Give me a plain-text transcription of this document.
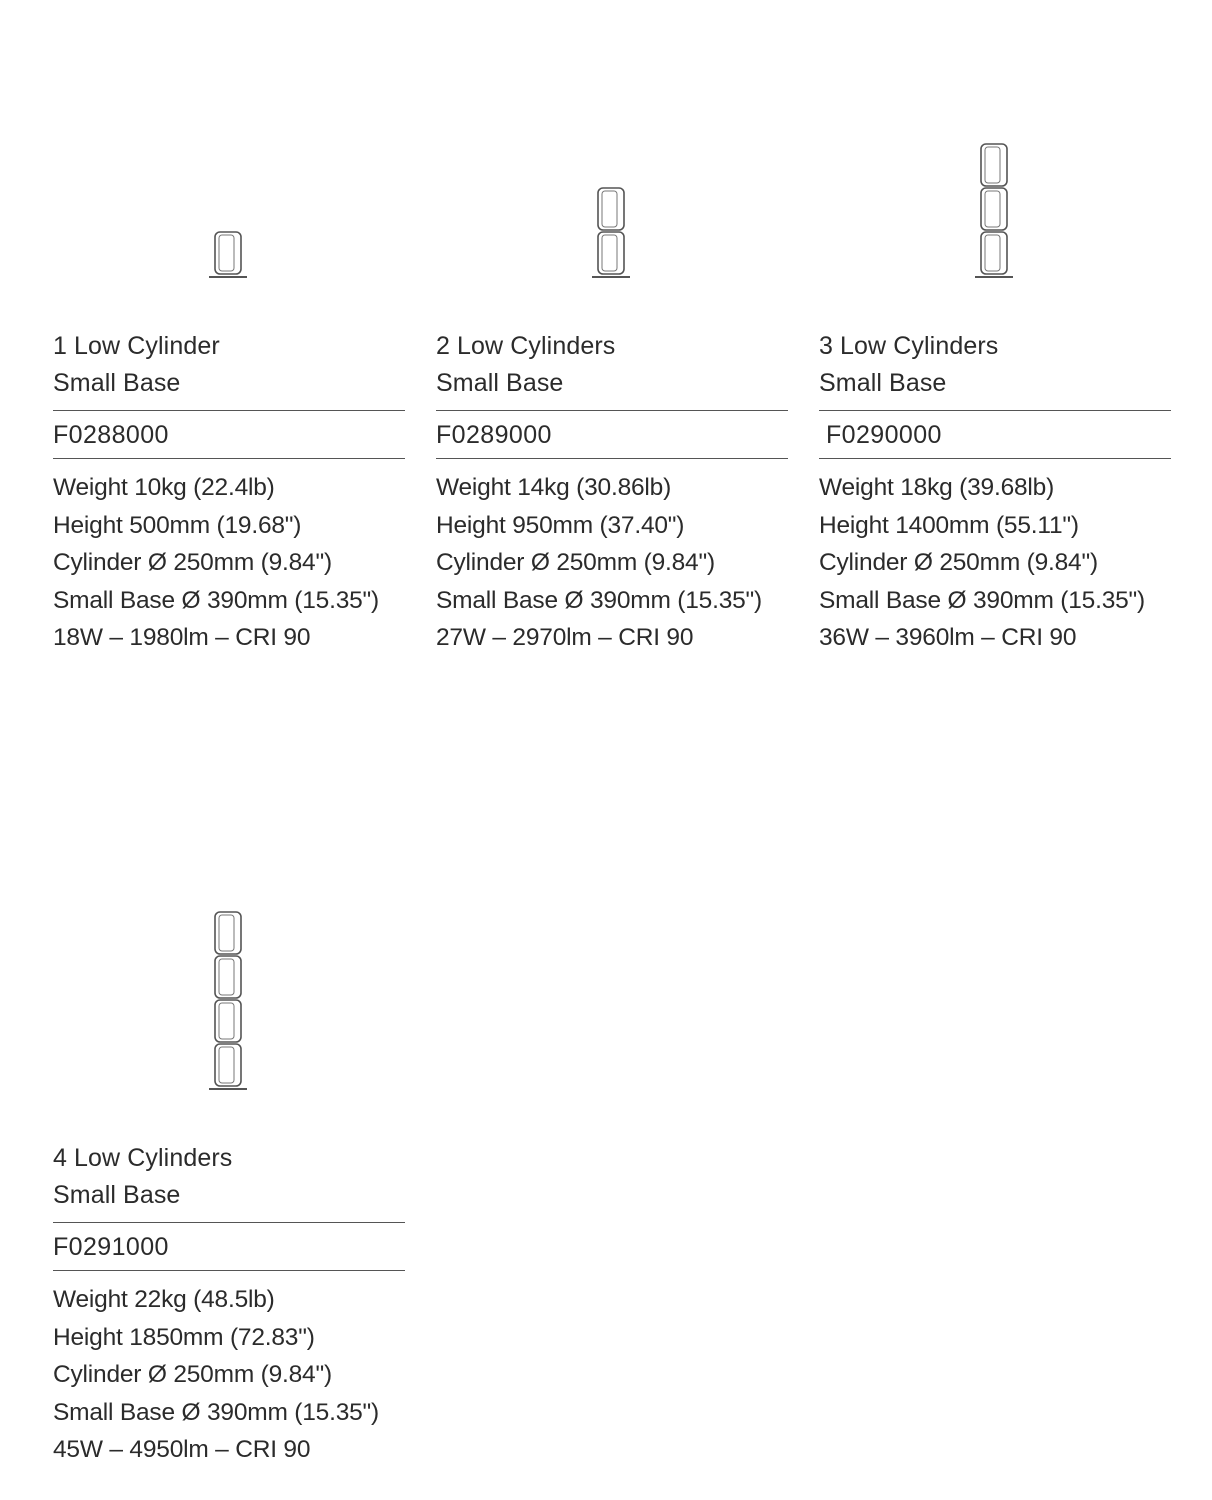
1 Low Cylinder
Small Base
F0288000
Weight 10kg (22.4lb)
Height 500mm (19.68")
Cylinder Ø 250mm (9.84")
Small Base Ø 390mm (15.35")
18W – 1980lm – CRI 90
2 Low Cylinders
Small Base
F0289000
Weight 14kg (30.86lb)
Height 950mm (37.40")
Cylinder Ø 250mm (9.84")
Small Base Ø 390mm (15.35")
27W – 2970lm – CRI 90
3 Low Cylinders
Small Base
F0290000
Weight 18kg (39.68lb)
Height 1400mm (55.11")
Cylinder Ø 250mm (9.84")
Small Base Ø 390mm (15.35")
36W – 3960lm – CRI 90
4 Low Cylinders
Small Base
F0291000
Weight 22kg (48.5lb)
Height 1850mm (72.83")
Cylinder Ø 250mm (9.84")
Small Base Ø 390mm (15.35")
45W – 4950lm – CRI 90
